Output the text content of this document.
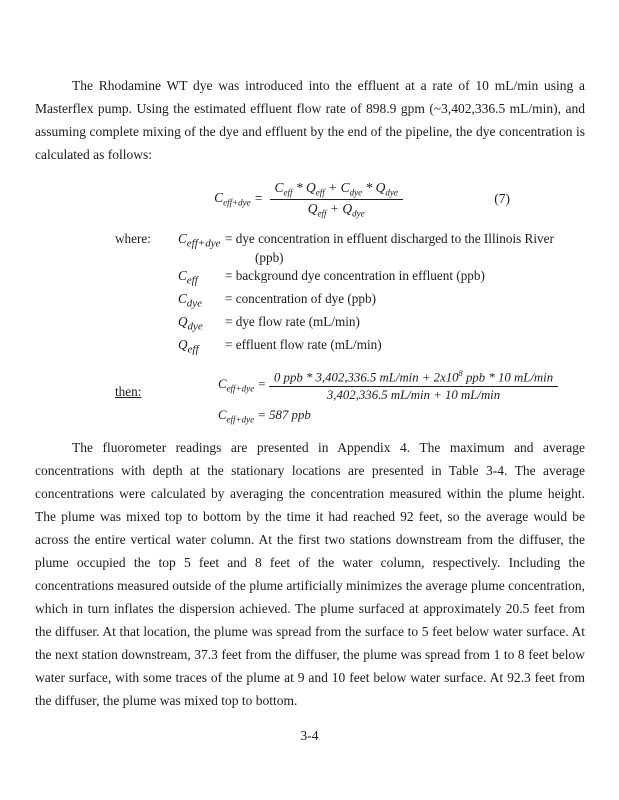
The Rhodamine WT dye was introduced into the effluent at a rate of 10 mL/min using a Masterflex pump. Using the estimated effluent flow rate of 898.9 gpm (~3,402,336.5 mL/min), and assuming complete mixing of the dye and effluent by the end of the pipeline, the dye concentration is calculated as follows:

$C_{eff+dye} = \frac{C_{eff} * Q_{eff} + C_{dye} * Q_{dye}}{Q_{eff} + Q_{dye}}$	(7)
where:	$C_{eff+dye}$ = dye concentration in effluent discharged to the Illinois River
(ppb)
$C_{eff}$	= background dye concentration in effluent (ppb)
$C_{dye}$	= concentration of dye (ppb)
$Q_{dye}$	= dye flow rate (mL/min)
$Q_{eff}$	= effluent flow rate (mL/min)
then:	$C_{eff+dye} = \frac{0 ppb * 3,402,336.5 mL/\min + 2x10^8 ppb * 10 mL/\min}{3,402,336.5 mL/\min + 10 mL/\min}$
$C_{eff+dye} = 587$ ppb

The fluorometer readings are presented in Appendix 4. The maximum and average concentrations with depth at the stationary locations are presented in Table 3-4. The average concentrations were calculated by averaging the concentration measured within the plume height. The plume was mixed top to bottom by the time it had reached 92 feet, so the average would be across the entire vertical water column. At the first two stations downstream from the diffuser, the plume occupied the top 5 feet and 8 feet of the water column, respectively. Including the concentrations measured outside of the plume artificially minimizes the average plume concentration, which in turn inflates the dispersion achieved. The plume surfaced at approximately 20.5 feet from the diffuser. At that location, the plume was spread from the surface to 5 feet below water surface. At the next station downstream, 37.3 feet from the diffuser, the plume was spread from 1 to 8 feet below water surface, with some traces of the plume at 9 and 10 feet below water surface. At 92.3 feet from the diffuser, the plume was mixed top to bottom.

3-4
